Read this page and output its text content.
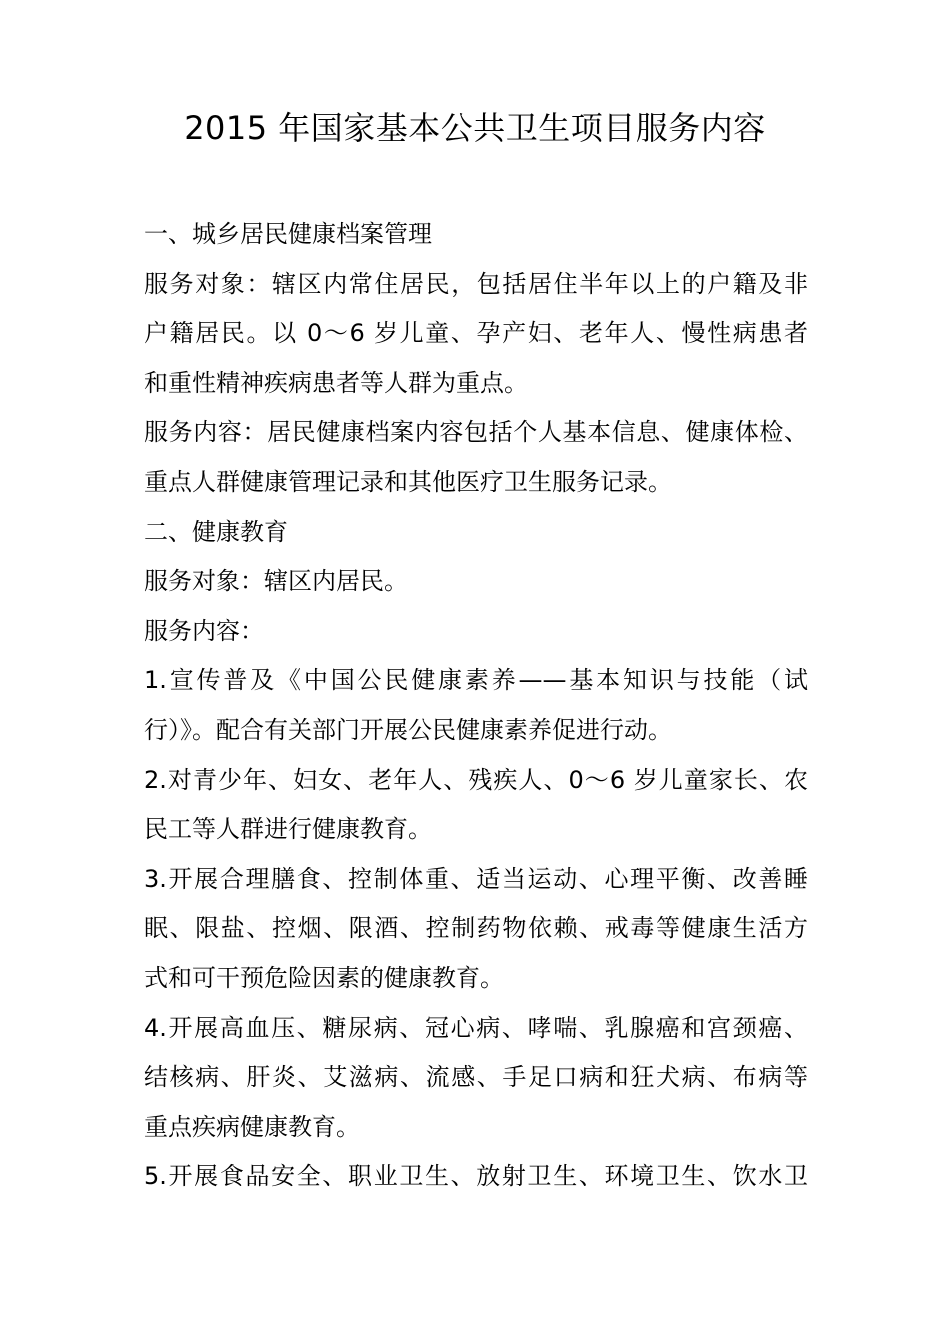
2015 年国家基本公共卫生项目服务内容
一、城乡居民健康档案管理
服务对象：辖区内常住居民，包括居住半年以上的户籍及非
户籍居民。以 0～6 岁儿童、孕产妇、老年人、慢性病患者
和重性精神疾病患者等人群为重点。
服务内容：居民健康档案内容包括个人基本信息、健康体检、
重点人群健康管理记录和其他医疗卫生服务记录。
二、健康教育
服务对象：辖区内居民。
服务内容：
1.宣传普及《中国公民健康素养——基本知识与技能（试
行）》。配合有关部门开展公民健康素养促进行动。
2.对青少年、妇女、老年人、残疾人、0～6 岁儿童家长、农
民工等人群进行健康教育。
3.开展合理膳食、控制体重、适当运动、心理平衡、改善睡
眠、限盐、控烟、限酒、控制药物依赖、戒毒等健康生活方
式和可干预危险因素的健康教育。
4.开展高血压、糖尿病、冠心病、哮喘、乳腺癌和宫颈癌、
结核病、肝炎、艾滋病、流感、手足口病和狂犬病、布病等
重点疾病健康教育。
5.开展食品安全、职业卫生、放射卫生、环境卫生、饮水卫
